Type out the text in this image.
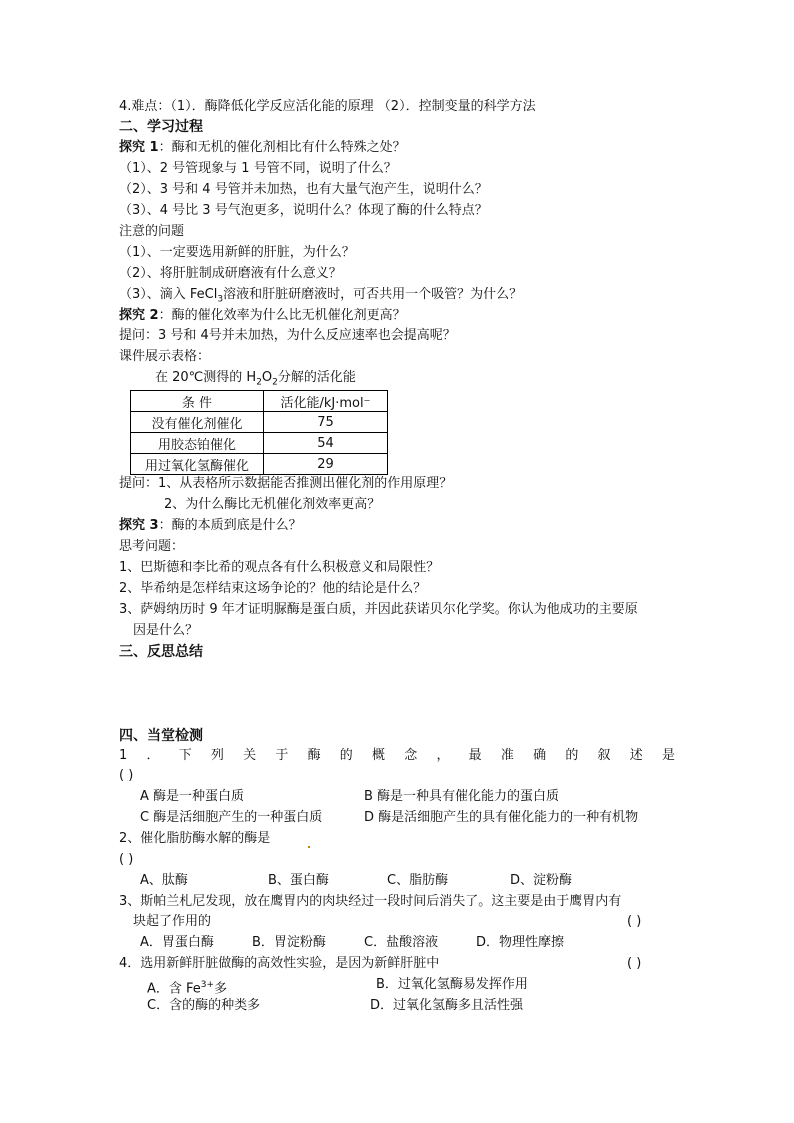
4.难点：（1）．酶降低化学反应活化能的原理 （2）．控制变量的科学方法
二、学习过程
探究 1：酶和无机的催化剂相比有什么特殊之处？
（1）、2 号管现象与 1 号管不同，说明了什么？
（2）、3 号和 4 号管并未加热，也有大量气泡产生，说明什么？
（3）、4 号比 3 号气泡更多，说明什么？体现了酶的什么特点？
注意的问题
（1）、一定要选用新鲜的肝脏，为什么？
（2）、将肝脏制成研磨液有什么意义？
（3）、滴入 FeCl$_3$溶液和肝脏研磨液时，可否共用一个吸管？为什么？
探究 2：酶的催化效率为什么比无机催化剂更高？
提问：3 号和 4号并未加热，为什么反应速率也会提高呢？
课件展示表格：
在 20℃测得的 $H_2O_2$分解的活化能
条 件	活化能/kJ·mol⁻
没有催化剂催化	75
用胶态铂催化	54
用过氧化氢酶催化	29
提问：1、从表格所示数据能否推测出催化剂的作用原理？
2、为什么酶比无机催化剂效率更高？
探究 3：酶的本质到底是什么？
思考问题：
1、巴斯德和李比希的观点各有什么积极意义和局限性？
2、毕希纳是怎样结束这场争论的？他的结论是什么？
3、萨姆纳历时 9 年才证明脲酶是蛋白质，并因此获诺贝尔化学奖。你认为他成功的主要原
因是什么？
三、反思总结
四、当堂检测
1 ． 下 列 关 于 酶 的 概 念 ， 最 准 确 的 叙 述 是
( )
A 酶是一种蛋白质	B 酶是一种具有催化能力的蛋白质
C 酶是活细胞产生的一种蛋白质	D 酶是活细胞产生的具有催化能力的一种有机物
2、催化脂肪酶水解的酶是
( )
A、肽酶	B、蛋白酶	C、脂肪酶	D、淀粉酶
3、斯帕兰札尼发现，放在鹰胃内的肉块经过一段时间后消失了。这主要是由于鹰胃内有
块起了作用的	( )
A．胃蛋白酶	B．胃淀粉酶	C．盐酸溶液	D．物理性摩擦
4．选用新鲜肝脏做酶的高效性实验，是因为新鲜肝脏中	( )
A．含 $Fe^{3+}$多	B．过氧化氢酶易发挥作用
C．含的酶的种类多	D．过氧化氢酶多且活性强
